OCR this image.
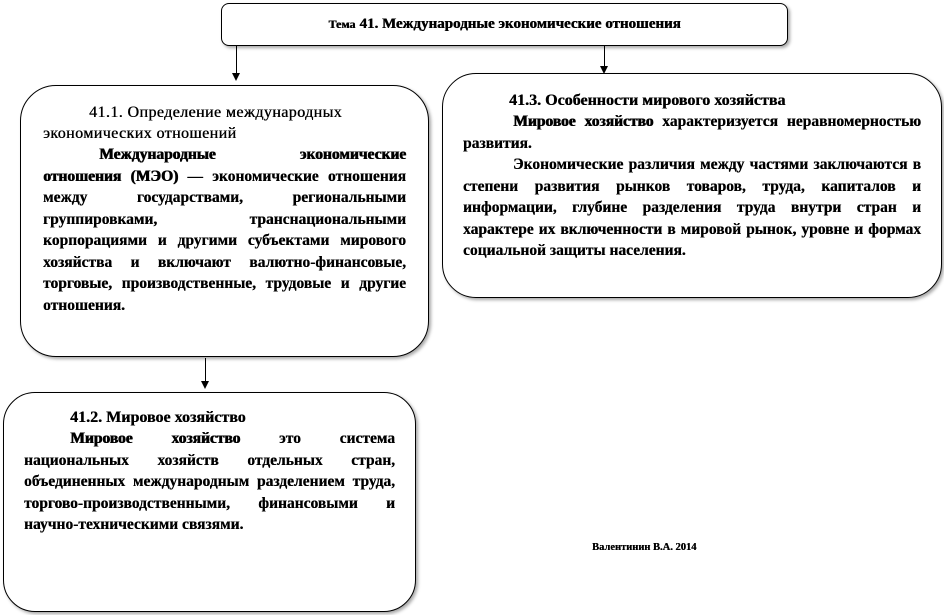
Тема 41. Международные экономические отношения
41.1. Определение международных экономических отношений
Международные экономические отношения (МЭО) — экономические отношения между государствами, региональными группировками, транснациональными корпорациями и другими субъектами мирового хозяйства и включают валютно-финансовые, торговые, производственные, трудовые и другие отношения.
41.3. Особенности мирового хозяйства
Мировое хозяйство характеризуется неравномерностью развития.
Экономические различия между частями заключаются в степени развития рынков товаров, труда, капиталов и информации, глубине разделения труда внутри стран и характере их включенности в мировой рынок, уровне и формах социальной защиты населения.
41.2. Мировое хозяйство
Мировое хозяйство это система национальных хозяйств отдельных стран, объединенных международным разделением труда, торгово-производственными, финансовыми и научно-техническими связями.
Валентинин В.А. 2014
